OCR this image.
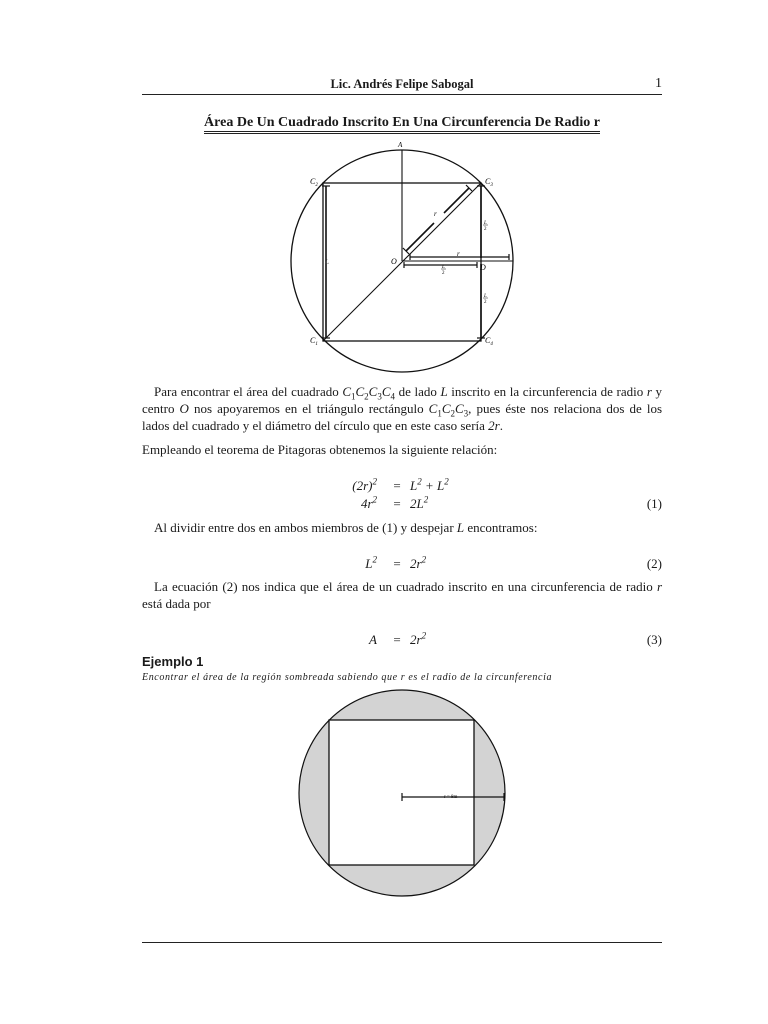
Lic. Andrés Felipe Sabogal	1
Área De Un Cuadrado Inscrito En Una Circunferencia De Radio r
A
$C_2$	$C_3$
$C_1$	$C_4$
O
D
L
r
r
L
2
L
2
L
2
Para encontrar el área del cuadrado $C_1C_2C_3C_4$ de lado L inscrito en la circunferencia de radio r y centro O nos apoyaremos en el triángulo rectángulo $C_1C_2C_3$, pues éste nos relaciona dos de los lados del cuadrado y el diámetro del círculo que en este caso sería 2r.
Empleando el teorema de Pitagoras obtenemos la siguiente relación:
$(2r)^2$	= $L^2 + L^2$
$4r^2$	= $2L^2$	(1)
Al dividir entre dos en ambos miembros de (1) y despejar L encontramos:
$L^2$	= $2r^2$	(2)
La ecuación (2) nos indica que el área de un cuadrado inscrito en una circunferencia de radio r está dada por
A	= $2r^2$	(3)
Ejemplo 1
Encontrar el área de la región sombreada sabiendo que r es el radio de la circunferencia
r = 8m
